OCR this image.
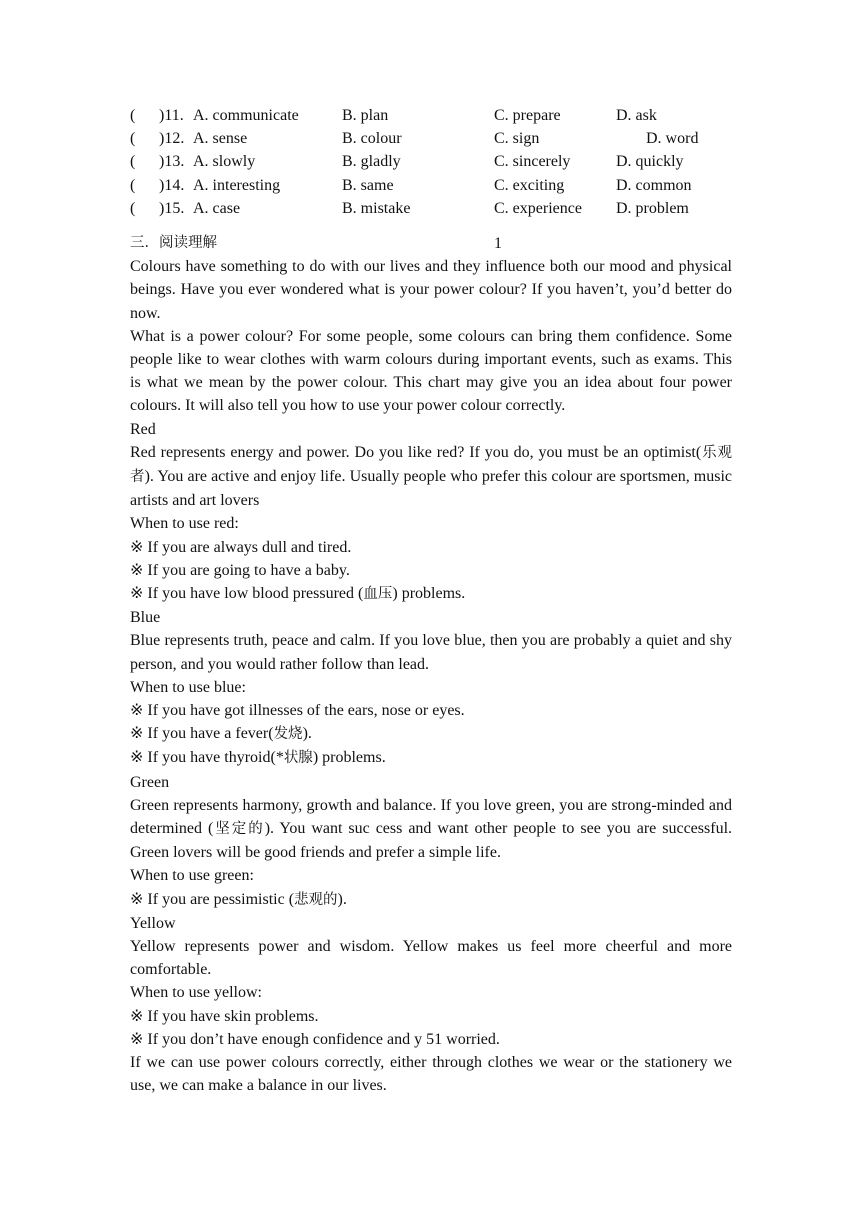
( )11. A. communicate	B. plan	C. prepare	D. ask
( )12. A. sense	B. colour	C. sign	D. word
( )13. A. slowly	B. gladly	C. sincerely	D. quickly
( )14. A. interesting	B. same	C. exciting	D. common
( )15. A. case	B. mistake	C. experience D. problem
三．阅读理解	1

Colours have something to do with our lives and they influence both our mood and physical beings. Have you ever wondered what is your power colour? If you haven’t, you’d better do now.

What is a power colour? For some people, some colours can bring them confidence. Some people like to wear clothes with warm colours during important events, such as exams. This is what we mean by the power colour. This chart may give you an idea about four power colours. It will also tell you how to use your power colour correctly.

Red

Red represents energy and power. Do you like red? If you do, you must be an optimist(乐观者). You are active and enjoy life. Usually people who prefer this colour are sportsmen, music artists and art lovers

When to use red:

※ If you are always dull and tired.

※ If you are going to have a baby.

※ If you have low blood pressured (血压) problems.

Blue

Blue represents truth, peace and calm. If you love blue, then you are probably a quiet and shy person, and you would rather follow than lead.

When to use blue:

※ If you have got illnesses of the ears, nose or eyes.

※ If you have a fever(发烧).

※ If you have thyroid(*状腺) problems.

Green

Green represents harmony, growth and balance. If you love green, you are strong-minded and determined (坚定的). You want suc cess and want other people to see you are successful. Green lovers will be good friends and prefer a simple life.

When to use green:

※ If you are pessimistic (悲观的).

Yellow

Yellow represents power and wisdom. Yellow makes us feel more cheerful and more comfortable.

When to use yellow:

※ If you have skin problems.

※ If you don’t have enough confidence and y 51 worried.

If we can use power colours correctly, either through clothes we wear or the stationery we use, we can make a balance in our lives.
